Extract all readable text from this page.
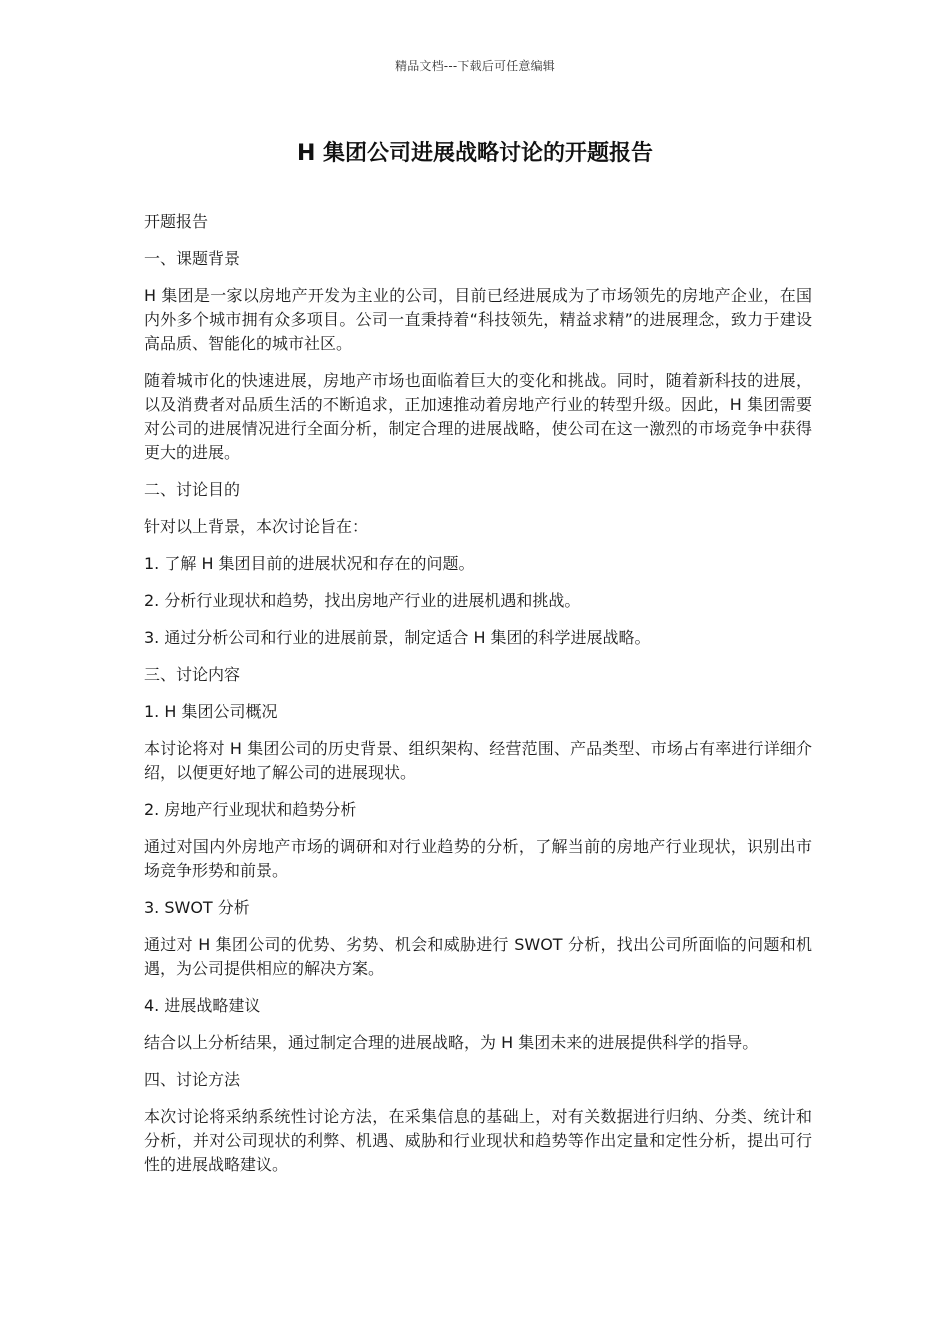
精品文档---下载后可任意编辑
H 集团公司进展战略讨论的开题报告

开题报告

一、课题背景

H 集团是一家以房地产开发为主业的公司，目前已经进展成为了市场领先的房地产企业，在国内外多个城市拥有众多项目。公司一直秉持着“科技领先，精益求精”的进展理念，致力于建设高品质、智能化的城市社区。

随着城市化的快速进展，房地产市场也面临着巨大的变化和挑战。同时，随着新科技的进展，以及消费者对品质生活的不断追求，正加速推动着房地产行业的转型升级。因此，H 集团需要对公司的进展情况进行全面分析，制定合理的进展战略，使公司在这一激烈的市场竞争中获得更大的进展。

二、讨论目的

针对以上背景，本次讨论旨在：

1. 了解 H 集团目前的进展状况和存在的问题。

2. 分析行业现状和趋势，找出房地产行业的进展机遇和挑战。

3. 通过分析公司和行业的进展前景，制定适合 H 集团的科学进展战略。

三、讨论内容

1. H 集团公司概况

本讨论将对 H 集团公司的历史背景、组织架构、经营范围、产品类型、市场占有率进行详细介绍，以便更好地了解公司的进展现状。

2. 房地产行业现状和趋势分析

通过对国内外房地产市场的调研和对行业趋势的分析，了解当前的房地产行业现状，识别出市场竞争形势和前景。

3. SWOT 分析

通过对 H 集团公司的优势、劣势、机会和威胁进行 SWOT 分析，找出公司所面临的问题和机遇，为公司提供相应的解决方案。

4. 进展战略建议

结合以上分析结果，通过制定合理的进展战略，为 H 集团未来的进展提供科学的指导。

四、讨论方法

本次讨论将采纳系统性讨论方法，在采集信息的基础上，对有关数据进行归纳、分类、统计和分析，并对公司现状的利弊、机遇、威胁和行业现状和趋势等作出定量和定性分析，提出可行性的进展战略建议。
